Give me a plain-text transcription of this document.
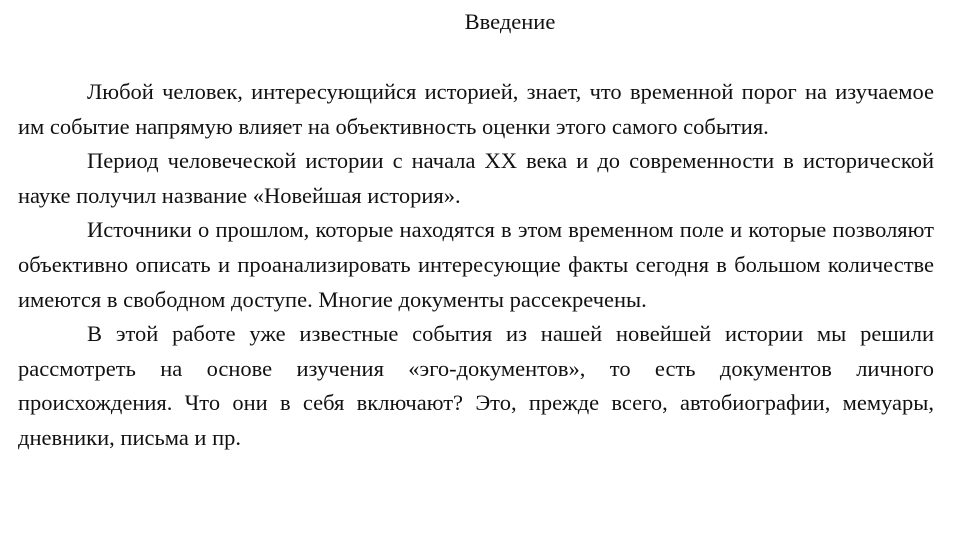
Введение

Любой человек, интересующийся историей, знает, что временной порог на изучаемое им событие напрямую влияет на объективность оценки этого самого события.

Период человеческой истории с начала XX века и до современности в исторической науке получил название «Новейшая история».

Источники о прошлом, которые находятся в этом временном поле и которые позволяют объективно описать и проанализировать интересующие факты сегодня в большом количестве имеются в свободном доступе. Многие документы рассекречены.

В этой работе уже известные события из нашей новейшей истории мы решили рассмотреть на основе изучения «эго-документов», то есть документов личного происхождения. Что они в себя включают? Это, прежде всего, автобиографии, мемуары, дневники, письма и пр.
